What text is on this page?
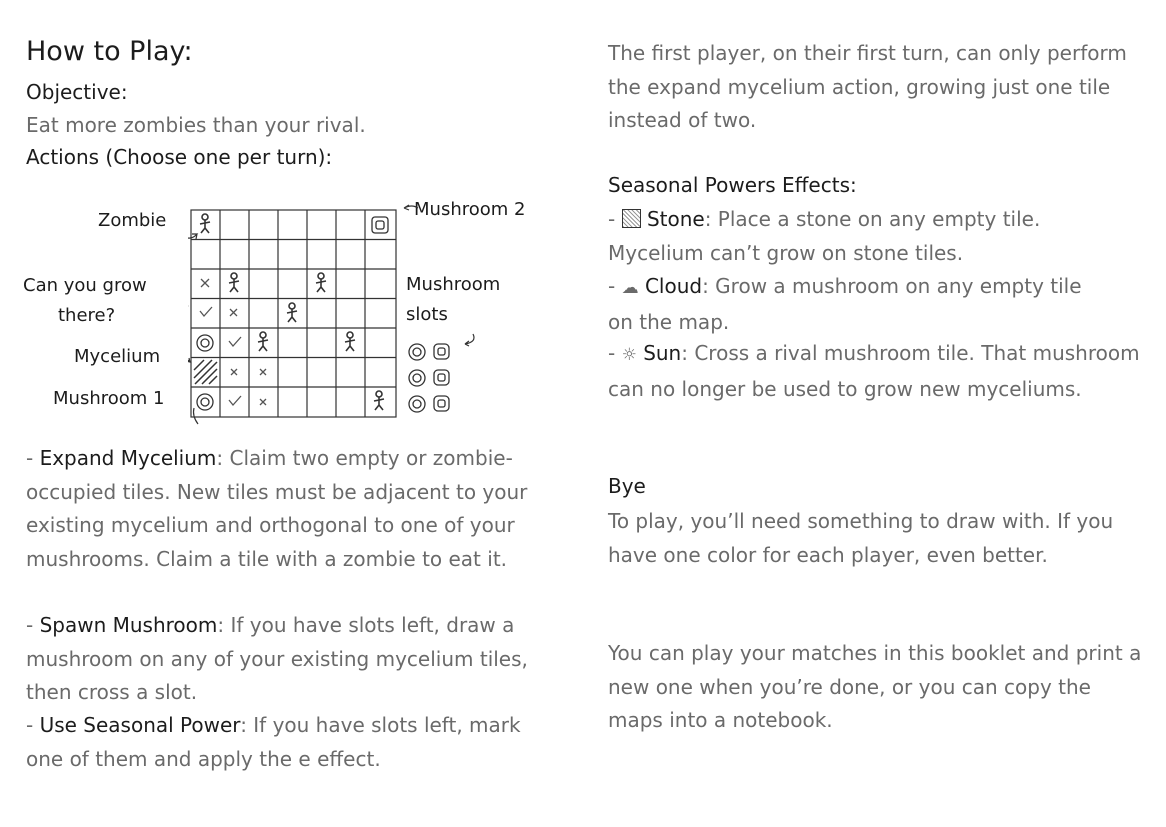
How to Play:
Objective:
Eat more zombies than your rival.
Actions (Choose one per turn):
Zombie
Mushroom 2
Can you grow
there?
Mushroom
slots
Mycelium
Mushroom 1

- Expand Mycelium: Claim two empty or zombie-occupied tiles. New tiles must be adjacent to your existing mycelium and orthogonal to one of your mushrooms. Claim a tile with a zombie to eat it.

- Spawn Mushroom: If you have slots left, draw a mushroom on any of your existing mycelium tiles, then cross a slot.

- Use Seasonal Power: If you have slots left, mark one of them and apply the e effect.

The first player, on their first turn, can only perform the expand mycelium action, growing just one tile instead of two.

Seasonal Powers Effects:

-  Stone: Place a stone on any empty tile. Mycelium can’t grow on stone tiles.

- ☁ Cloud: Grow a mushroom on any empty tile on the map.

- ☼ Sun: Cross a rival mushroom tile. That mushroom can no longer be used to grow new myceliums.

Bye

To play, you’ll need something to draw with. If you have one color for each player, even better.

You can play your matches in this booklet and print a new one when you’re done, or you can copy the maps into a notebook.
